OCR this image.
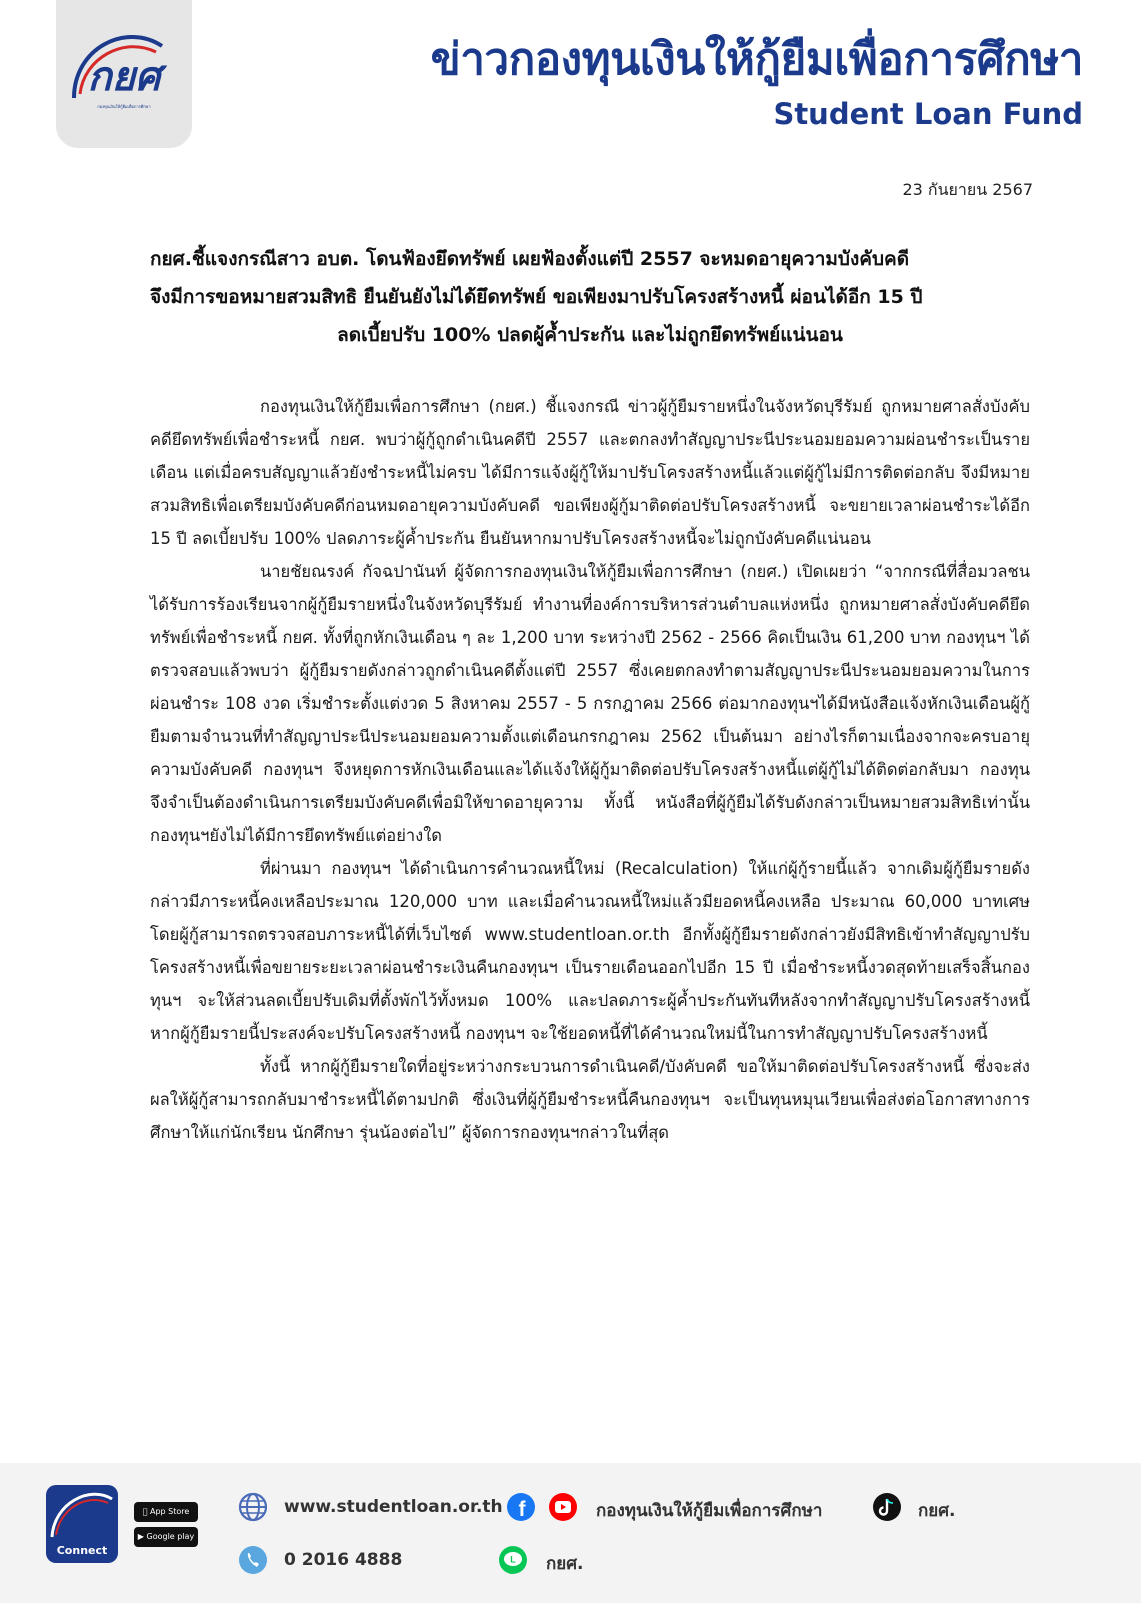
กยศ
กองทุนเงินให้กู้ยืมเพื่อการศึกษา
ข่าวกองทุนเงินให้กู้ยืมเพื่อการศึกษา
Student Loan Fund
23 กันยายน 2567
กยศ.ชี้แจงกรณีสาว อบต. โดนฟ้องยึดทรัพย์ เผยฟ้องตั้งแต่ปี 2557 จะหมดอายุความบังคับคดี
จึงมีการขอหมายสวมสิทธิ ยืนยันยังไม่ได้ยึดทรัพย์ ขอเพียงมาปรับโครงสร้างหนี้ ผ่อนได้อีก 15 ปี
ลดเบี้ยปรับ 100% ปลดผู้ค้ำประกัน และไม่ถูกยึดทรัพย์แน่นอน

กองทุนเงินให้กู้ยืมเพื่อการศึกษา (กยศ.) ชี้แจงกรณี ข่าวผู้กู้ยืมรายหนึ่งในจังหวัดบุรีรัมย์ ถูกหมายศาลสั่งบังคับคดียึดทรัพย์เพื่อชำระหนี้ กยศ. พบว่าผู้กู้ถูกดำเนินคดีปี 2557 และตกลงทำสัญญาประนีประนอมยอมความผ่อนชำระเป็นรายเดือน แต่เมื่อครบสัญญาแล้วยังชำระหนี้ไม่ครบ ได้มีการแจ้งผู้กู้ให้มาปรับโครงสร้างหนี้แล้วแต่ผู้กู้ไม่มีการติดต่อกลับ จึงมีหมายสวมสิทธิเพื่อเตรียมบังคับคดีก่อนหมดอายุความบังคับคดี ขอเพียงผู้กู้มาติดต่อปรับโครงสร้างหนี้ จะขยายเวลาผ่อนชำระได้อีก 15 ปี ลดเบี้ยปรับ 100% ปลดภาระผู้ค้ำประกัน ยืนยันหากมาปรับโครงสร้างหนี้จะไม่ถูกบังคับคดีแน่นอน

นายชัยณรงค์ กัจฉปานันท์ ผู้จัดการกองทุนเงินให้กู้ยืมเพื่อการศึกษา (กยศ.) เปิดเผยว่า “จากกรณีที่สื่อมวลชนได้รับการร้องเรียนจากผู้กู้ยืมรายหนึ่งในจังหวัดบุรีรัมย์ ทำงานที่องค์การบริหารส่วนตำบลแห่งหนึ่ง ถูกหมายศาลสั่งบังคับคดียึดทรัพย์เพื่อชำระหนี้ กยศ. ทั้งที่ถูกหักเงินเดือน ๆ ละ 1,200 บาท ระหว่างปี 2562 - 2566 คิดเป็นเงิน 61,200 บาท กองทุนฯ ได้ตรวจสอบแล้วพบว่า ผู้กู้ยืมรายดังกล่าวถูกดำเนินคดีตั้งแต่ปี 2557 ซึ่งเคยตกลงทำตามสัญญาประนีประนอมยอมความในการผ่อนชำระ 108 งวด เริ่มชำระตั้งแต่งวด 5 สิงหาคม 2557 - 5 กรกฎาคม 2566 ต่อมากองทุนฯได้มีหนังสือแจ้งหักเงินเดือนผู้กู้ยืมตามจำนวนที่ทำสัญญาประนีประนอมยอมความตั้งแต่เดือนกรกฎาคม 2562 เป็นต้นมา อย่างไรก็ตามเนื่องจากจะครบอายุความบังคับคดี กองทุนฯ จึงหยุดการหักเงินเดือนและได้แจ้งให้ผู้กู้มาติดต่อปรับโครงสร้างหนี้แต่ผู้กู้ไม่ได้ติดต่อกลับมา กองทุนจึงจำเป็นต้องดำเนินการเตรียมบังคับคดีเพื่อมิให้ขาดอายุความ ทั้งนี้ หนังสือที่ผู้กู้ยืมได้รับดังกล่าวเป็นหมายสวมสิทธิเท่านั้น กองทุนฯยังไม่ได้มีการยึดทรัพย์แต่อย่างใด

ที่ผ่านมา กองทุนฯ ได้ดำเนินการคำนวณหนี้ใหม่ (Recalculation) ให้แก่ผู้กู้รายนี้แล้ว จากเดิมผู้กู้ยืมรายดังกล่าวมีภาระหนี้คงเหลือประมาณ 120,000 บาท และเมื่อคำนวณหนี้ใหม่แล้วมียอดหนี้คงเหลือ ประมาณ 60,000 บาทเศษ โดยผู้กู้สามารถตรวจสอบภาระหนี้ได้ที่เว็บไซต์ www.studentloan.or.th อีกทั้งผู้กู้ยืมรายดังกล่าวยังมีสิทธิเข้าทำสัญญาปรับโครงสร้างหนี้เพื่อขยายระยะเวลาผ่อนชำระเงินคืนกองทุนฯ เป็นรายเดือนออกไปอีก 15 ปี เมื่อชำระหนี้งวดสุดท้ายเสร็จสิ้นกองทุนฯ จะให้ส่วนลดเบี้ยปรับเดิมที่ตั้งพักไว้ทั้งหมด 100% และปลดภาระผู้ค้ำประกันทันทีหลังจากทำสัญญาปรับโครงสร้างหนี้ หากผู้กู้ยืมรายนี้ประสงค์จะปรับโครงสร้างหนี้ กองทุนฯ จะใช้ยอดหนี้ที่ได้คำนวณใหม่นี้ในการทำสัญญาปรับโครงสร้างหนี้

ทั้งนี้ หากผู้กู้ยืมรายใดที่อยู่ระหว่างกระบวนการดำเนินคดี/บังคับคดี ขอให้มาติดต่อปรับโครงสร้างหนี้ ซึ่งจะส่งผลให้ผู้กู้สามารถกลับมาชำระหนี้ได้ตามปกติ ซึ่งเงินที่ผู้กู้ยืมชำระหนี้คืนกองทุนฯ จะเป็นทุนหมุนเวียนเพื่อส่งต่อโอกาสทางการศึกษาให้แก่นักเรียน นักศึกษา รุ่นน้องต่อไป” ผู้จัดการกองทุนฯกล่าวในที่สุด

Connect
App Store
▶ Google play
www.studentloan.or.th f	กองทุนเงินให้กู้ยืมเพื่อการศึกษา	กยศ.
0 2016 4888	L กยศ.
